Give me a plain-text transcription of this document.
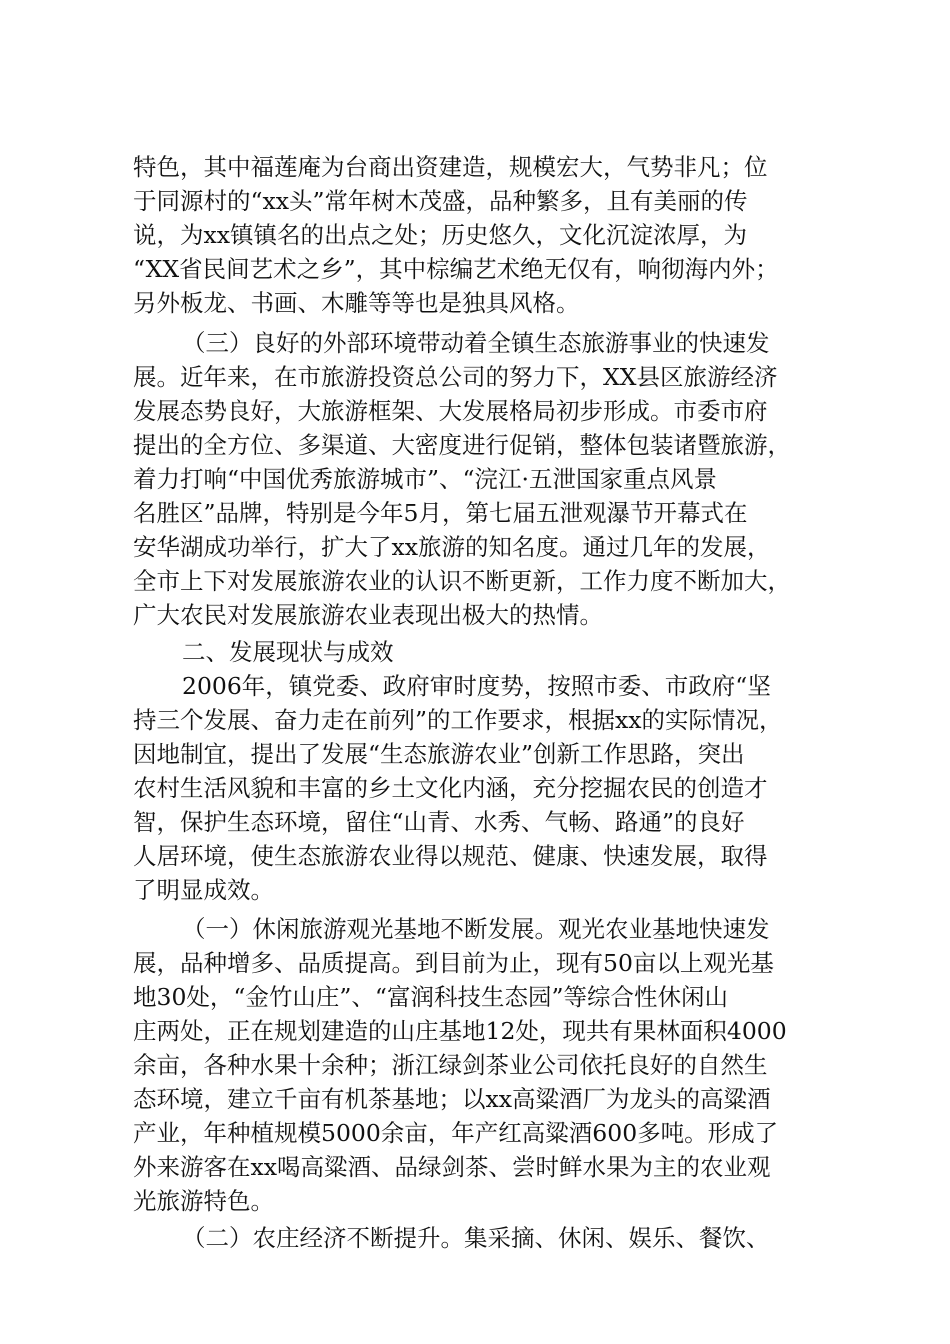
特色，其中福莲庵为台商出资建造，规模宏大，气势非凡；位
于同源村的“xx头”常年树木茂盛，品种繁多，且有美丽的传
说，为xx镇镇名的出点之处；历史悠久，文化沉淀浓厚，为
“XX省民间艺术之乡”，其中棕编艺术绝无仅有，响彻海内外；
另外板龙、书画、木雕等等也是独具风格。
（三）良好的外部环境带动着全镇生态旅游事业的快速发
展。近年来，在市旅游投资总公司的努力下，XX县区旅游经济
发展态势良好，大旅游框架、大发展格局初步形成。市委市府
提出的全方位、多渠道、大密度进行促销，整体包装诸暨旅游，
着力打响“中国优秀旅游城市”、“浣江·五泄国家重点风景
名胜区”品牌，特别是今年5月，第七届五泄观瀑节开幕式在
安华湖成功举行，扩大了xx旅游的知名度。通过几年的发展，
全市上下对发展旅游农业的认识不断更新，工作力度不断加大，
广大农民对发展旅游农业表现出极大的热情。
二、发展现状与成效
2006年，镇党委、政府审时度势，按照市委、市政府“坚
持三个发展、奋力走在前列”的工作要求，根据xx的实际情况，
因地制宜，提出了发展“生态旅游农业”创新工作思路，突出
农村生活风貌和丰富的乡土文化内涵，充分挖掘农民的创造才
智，保护生态环境，留住“山青、水秀、气畅、路通”的良好
人居环境，使生态旅游农业得以规范、健康、快速发展，取得
了明显成效。
（一）休闲旅游观光基地不断发展。观光农业基地快速发
展，品种增多、品质提高。到目前为止，现有50亩以上观光基
地30处，“金竹山庄”、“富润科技生态园”等综合性休闲山
庄两处，正在规划建造的山庄基地12处，现共有果林面积4000
余亩，各种水果十余种；浙江绿剑茶业公司依托良好的自然生
态环境，建立千亩有机茶基地；以xx高粱酒厂为龙头的高粱酒
产业，年种植规模5000余亩，年产红高粱酒600多吨。形成了
外来游客在xx喝高粱酒、品绿剑茶、尝时鲜水果为主的农业观
光旅游特色。
（二）农庄经济不断提升。集采摘、休闲、娱乐、餐饮、
